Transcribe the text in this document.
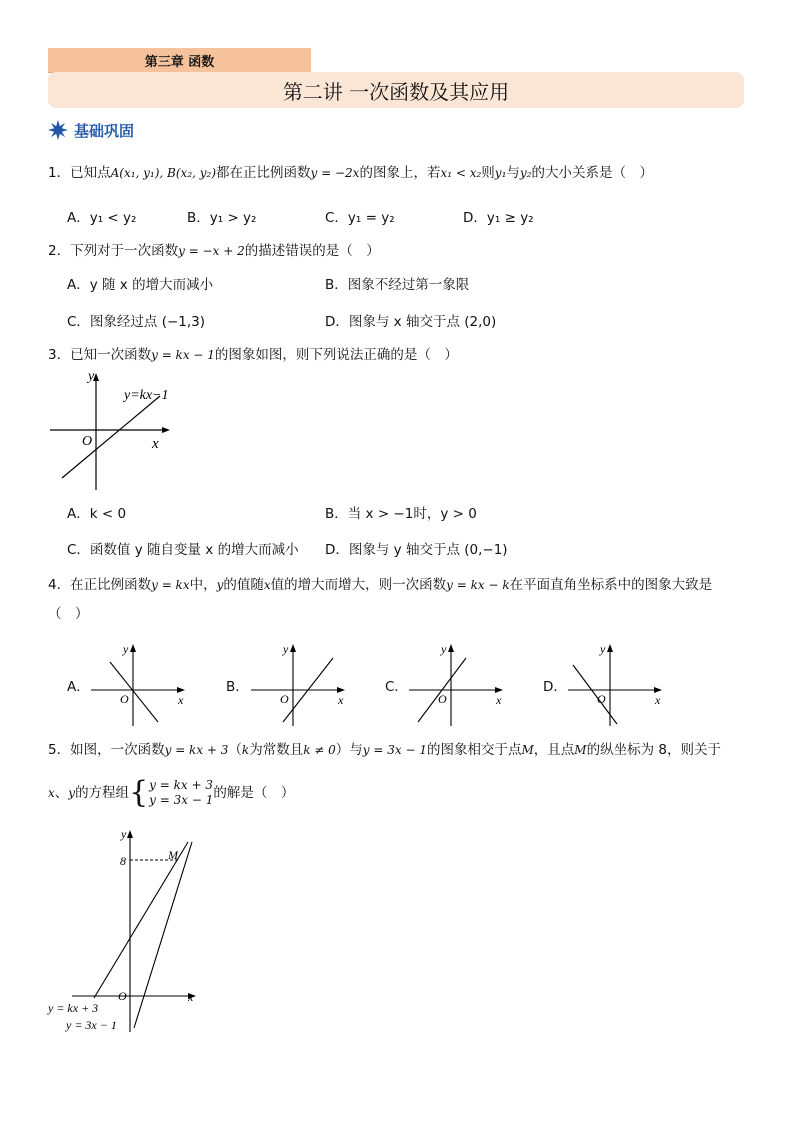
第三章 函数
第二讲 一次函数及其应用
基础巩固
1．已知点A(x₁, y₁), B(x₂, y₂)都在正比例函数y = −2x的图象上，若x₁ < x₂则y₁与y₂的大小关系是（　）
A．y₁ < y₂	B．y₁ > y₂	C．y₁ = y₂	D．y₁ ≥ y₂
2．下列对于一次函数y = −x + 2的描述错误的是（　）
A．y 随 x 的增大而减小	B．图象不经过第一象限
C．图象经过点 (−1,3)	D．图象与 x 轴交于点 (2,0)
3．已知一次函数y = kx − 1的图象如图，则下列说法正确的是（　）
y
x
O
y=kx−1
A．k < 0	B．当 x > −1时，y > 0
C．函数值 y 随自变量 x 的增大而减小 D．图象与 y 轴交于点 (0,−1)
4．在正比例函数y = kx中，y的值随x值的增大而增大，则一次函数y = kx − k在平面直角坐标系中的图象大致是
（　）
A．
y
x
O
B．
y
x
O
C．
y
x
O
D．
y
x
O
5．如图，一次函数y = kx + 3（k为常数且k ≠ 0）与y = 3x − 1的图象相交于点M，且点M的纵坐标为 8，则关于
x 、 y 的方程组 { y = kx + 3
y = 3x − 1 的解是（　）
y
x
O
8	M
y = kx + 3
y = 3x − 1
